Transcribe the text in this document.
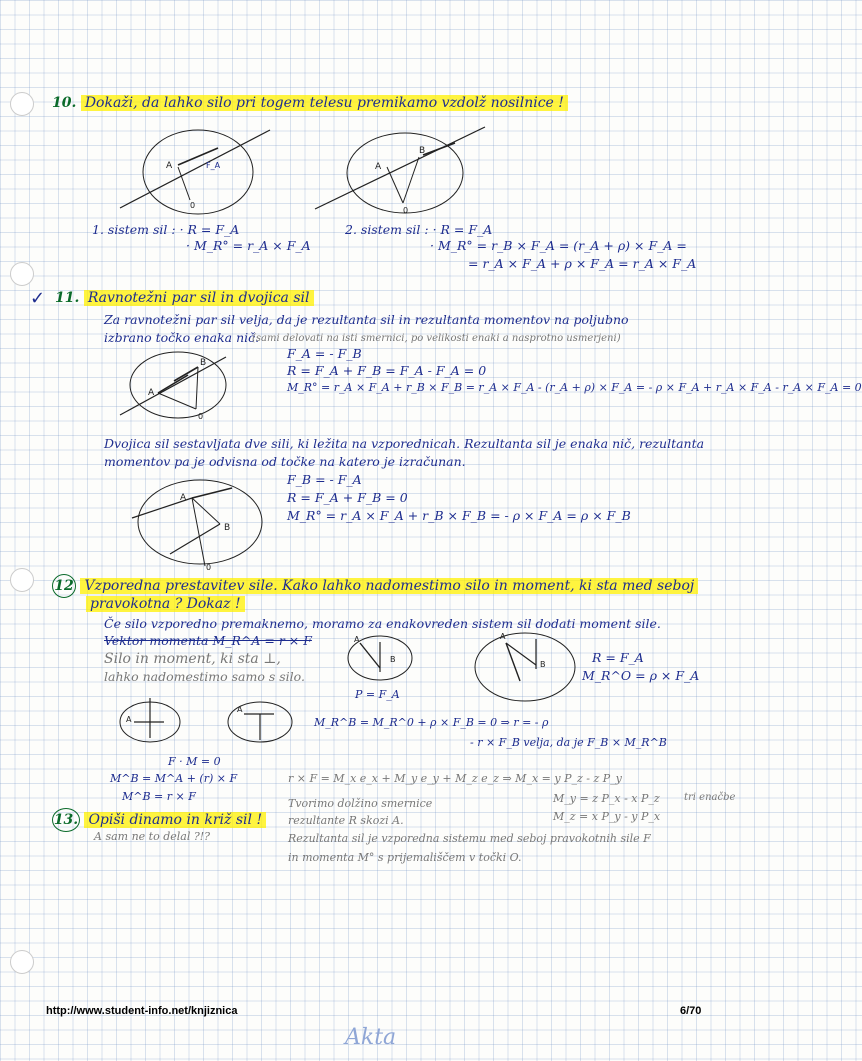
10. Dokaži, da lahko silo pri togem telesu premikamo vzdolž nosilnice !
A	F_A
0
A
B
0
1. sistem sil : · R = F_A
· M_R° = r_A × F_A
2. sistem sil : · R = F_A
· M_R° = r_B × F_A = (r_A + ρ) × F_A =
= r_A × F_A + ρ × F_A = r_A × F_A
✓ 11. Ravnotežni par sil in dvojica sil
Za ravnotežni par sil velja, da je rezultanta sil in rezultanta momentov na poljubno
izbrano točko enaka nič.
(sami delovati na isti smernici, po velikosti enaki a nasprotno usmerjeni)
A
B
0
F_A = - F_B
R = F_A + F_B = F_A - F_A = 0
M_R° = r_A × F_A + r_B × F_B = r_A × F_A - (r_A + ρ) × F_A = - ρ × F_A + r_A × F_A - r_A × F_A = 0
Dvojica sil sestavljata dve sili, ki ležita na vzporednicah. Rezultanta sil je enaka nič, rezultanta
momentov pa je odvisna od točke na katero je izračunan.
A
B
0
F_B = - F_A
R = F_A + F_B = 0
M_R° = r_A × F_A + r_B × F_B = - ρ × F_A = ρ × F_B
12 Vzporedna prestavitev sile. Kako lahko nadomestimo silo in moment, ki sta med seboj
pravokotna ? Dokaz !
Če silo vzporedno premaknemo, moramo za enakovreden sistem sil dodati moment sile.
Vektor momenta M_R^A = r × F
Silo in moment, ki sta ⊥,
lahko nadomestimo samo s silo.
A
B
P = F_A
A
B	R = F_A
M_R^O = ρ × F_A
A
A
M_R^B = M_R^0 + ρ × F_B = 0 ⇒ r = - ρ
- r × F_B velja, da je F_B × M_R^B
F · M = 0
M^B = M^A + (r) × F
M^B = r × F
r × F = M_x e_x + M_y e_y + M_z e_z ⇒ M_x = y P_z - z P_y
M_y = z P_x - x P_z
M_z = x P_y - y P_x
tri enačbe
Tvorimo dolžino smernice
rezultante R skozi A.
Rezultanta sil je vzporedna sistemu med seboj pravokotnih sile F
in momenta M° s prijemališčem v točki O.
13. Opiši dinamo in križ sil !
A sam ne to delal ?!?
http://www.student-info.net/knjiznica	6/70
Akta
